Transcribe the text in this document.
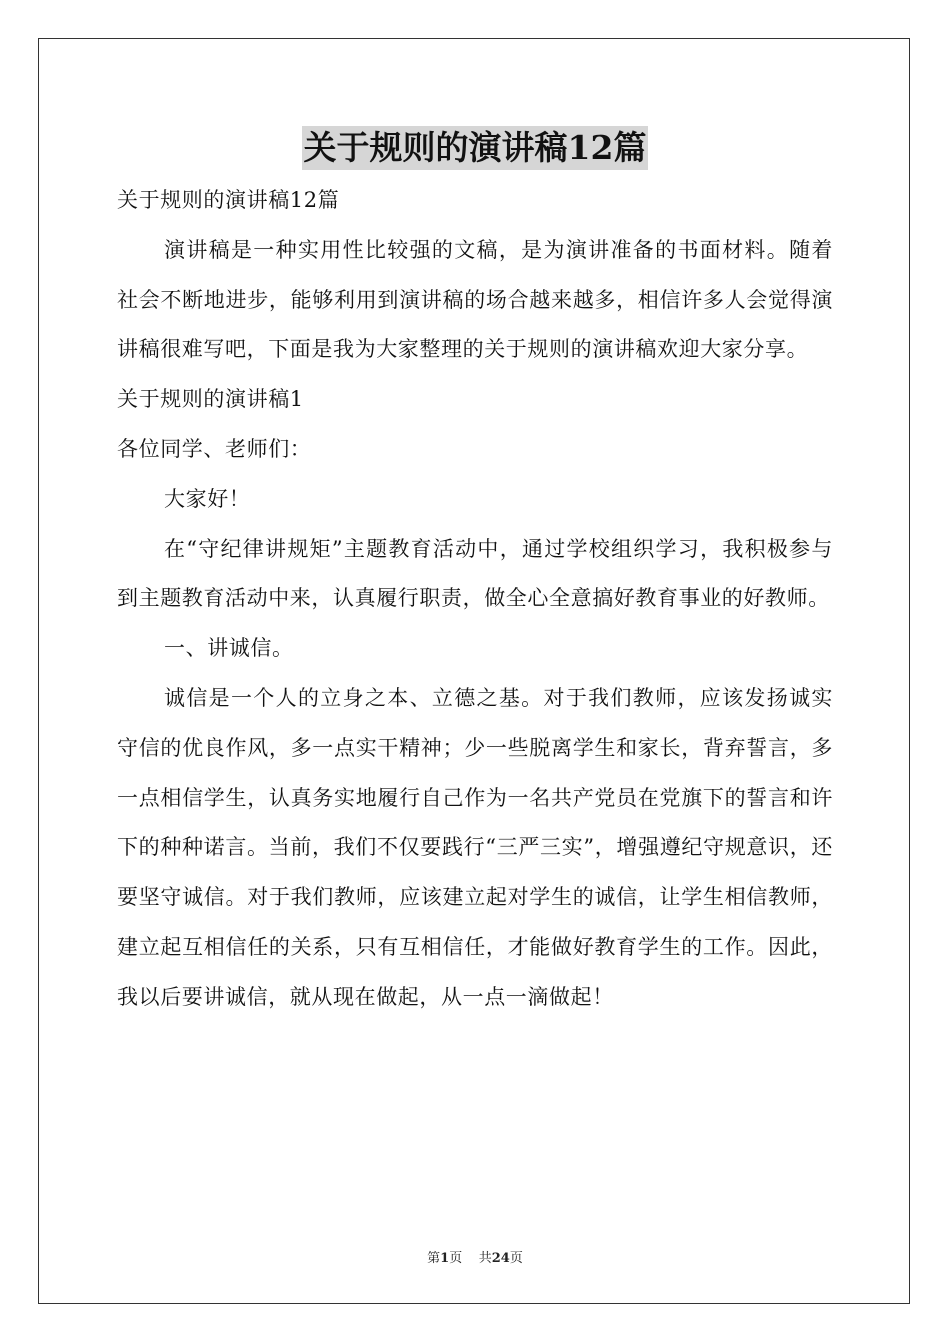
关于规则的演讲稿12篇

关于规则的演讲稿12篇

演讲稿是一种实用性比较强的文稿，是为演讲准备的书面材料。随着社会不断地进步，能够利用到演讲稿的场合越来越多，相信许多人会觉得演讲稿很难写吧，下面是我为大家整理的关于规则的演讲稿欢迎大家分享。

关于规则的演讲稿1

各位同学、老师们：

大家好！

在“守纪律讲规矩”主题教育活动中，通过学校组织学习，我积极参与到主题教育活动中来，认真履行职责，做全心全意搞好教育事业的好教师。

一、讲诚信。

诚信是一个人的立身之本、立德之基。对于我们教师，应该发扬诚实守信的优良作风，多一点实干精神；少一些脱离学生和家长，背弃誓言，多一点相信学生，认真务实地履行自己作为一名共产党员在党旗下的誓言和许下的种种诺言。当前，我们不仅要践行“三严三实”，增强遵纪守规意识，还要坚守诚信。对于我们教师，应该建立起对学生的诚信，让学生相信教师，建立起互相信任的关系，只有互相信任，才能做好教育学生的工作。因此，我以后要讲诚信，就从现在做起，从一点一滴做起！

第1页 共24页
